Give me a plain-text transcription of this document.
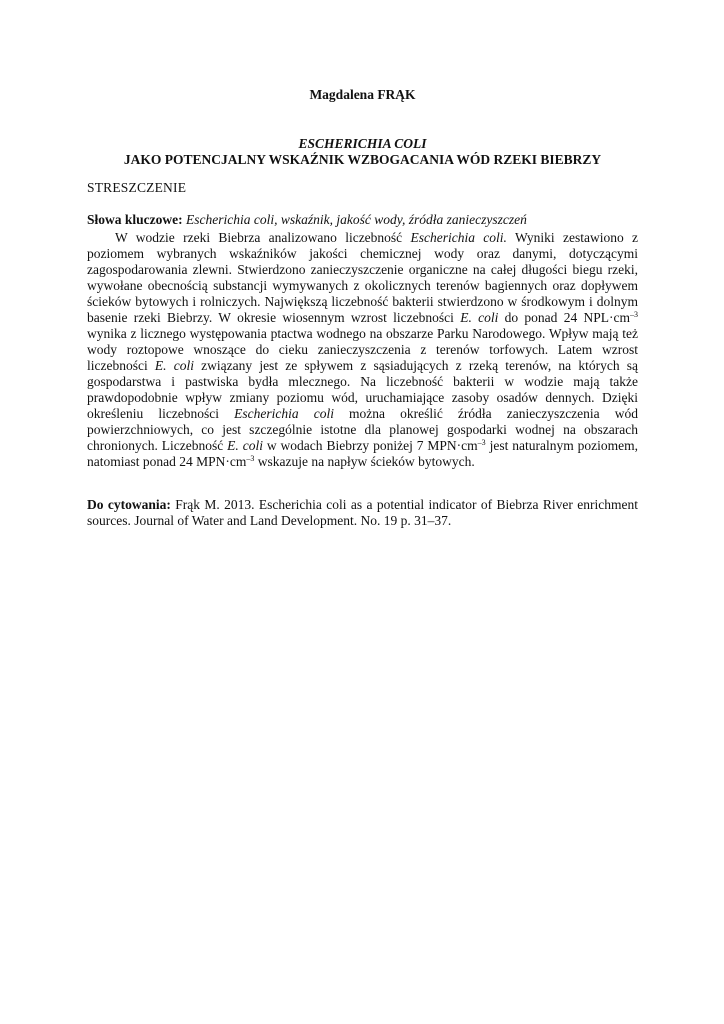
Magdalena FRĄK
ESCHERICHIA COLI
JAKO POTENCJALNY WSKAŹNIK WZBOGACANIA WÓD RZEKI BIEBRZY
STRESZCZENIE
Słowa kluczowe: Escherichia coli, wskaźnik, jakość wody, źródła zanieczyszczeń

W wodzie rzeki Biebrza analizowano liczebność Escherichia coli. Wyniki zestawiono z poziomem wybranych wskaźników jakości chemicznej wody oraz danymi, dotyczącymi zagospodarowania zlewni. Stwierdzono zanieczyszczenie organiczne na całej długości biegu rzeki, wywołane obecnością substancji wymywanych z okolicznych terenów bagiennych oraz dopływem ścieków bytowych i rolniczych. Największą liczebność bakterii stwierdzono w środkowym i dolnym basenie rzeki Biebrzy. W okresie wiosennym wzrost liczebności E. coli do ponad 24 $NPL\cdot cm^{-3}$ wynika z licznego występowania ptactwa wodnego na obszarze Parku Narodowego. Wpływ mają też wody roztopowe wnoszące do cieku zanieczyszczenia z terenów torfowych. Latem wzrost liczebności E. coli związany jest ze spływem z sąsiadujących z rzeką terenów, na których są gospodarstwa i pastwiska bydła mlecznego. Na liczebność bakterii w wodzie mają także prawdopodobnie wpływ zmiany poziomu wód, uruchamiające zasoby osadów dennych. Dzięki określeniu liczebności Escherichia coli można określić źródła zanieczyszczenia wód powierzchniowych, co jest szczególnie istotne dla planowej gospodarki wodnej na obszarach chronionych. Liczebność E. coli w wodach Biebrzy poniżej 7 $MPN\cdot cm^{-3}$ jest naturalnym poziomem, natomiast ponad 24 $MPN\cdot cm^{-3}$ wskazuje na napływ ścieków bytowych.

Do cytowania: Frąk M. 2013. Escherichia coli as a potential indicator of Biebrza River enrichment sources. Journal of Water and Land Development. No. 19 p. 31–37.
